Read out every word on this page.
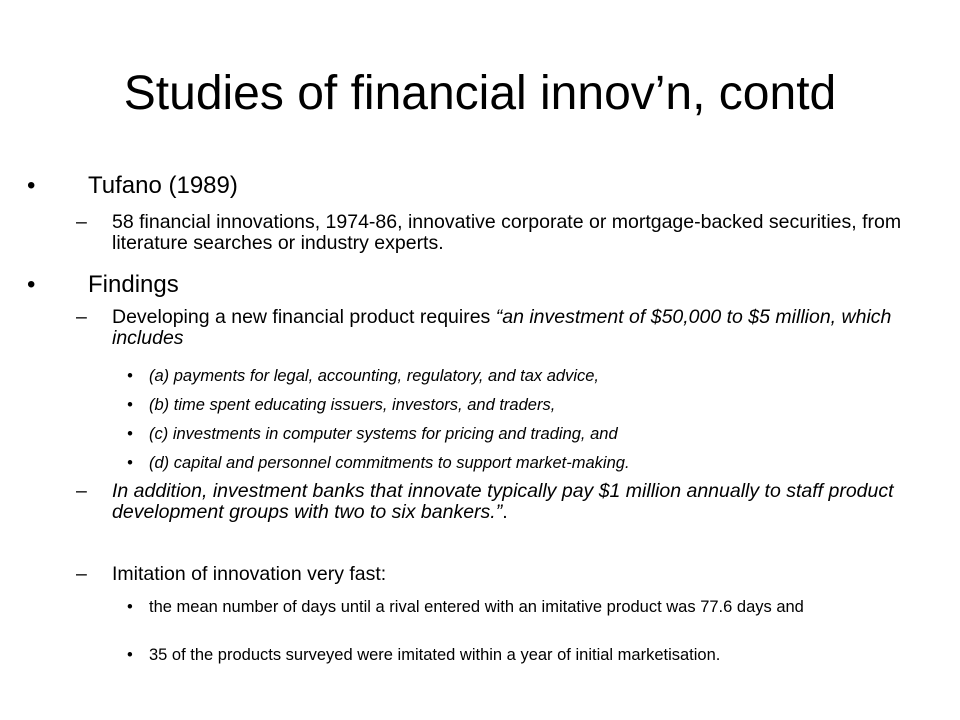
Studies of financial innov’n, contd
•	Tufano (1989)
–	58 financial innovations, 1974-86, innovative corporate or mortgage-backed securities, from literature searches or industry experts.
•	Findings
–	Developing a new financial product requires “an investment of $50,000 to $5 million, which includes
• (a) payments for legal, accounting, regulatory, and tax advice,
• (b) time spent educating issuers, investors, and traders,
• (c) investments in computer systems for pricing and trading, and
• (d) capital and personnel commitments to support market-making.
–	In addition, investment banks that innovate typically pay $1 million annually to staff product development groups with two to six bankers.”.
–	Imitation of innovation very fast:
• the mean number of days until a rival entered with an imitative product was 77.6 days and
• 35 of the products surveyed were imitated within a year of initial marketisation.
